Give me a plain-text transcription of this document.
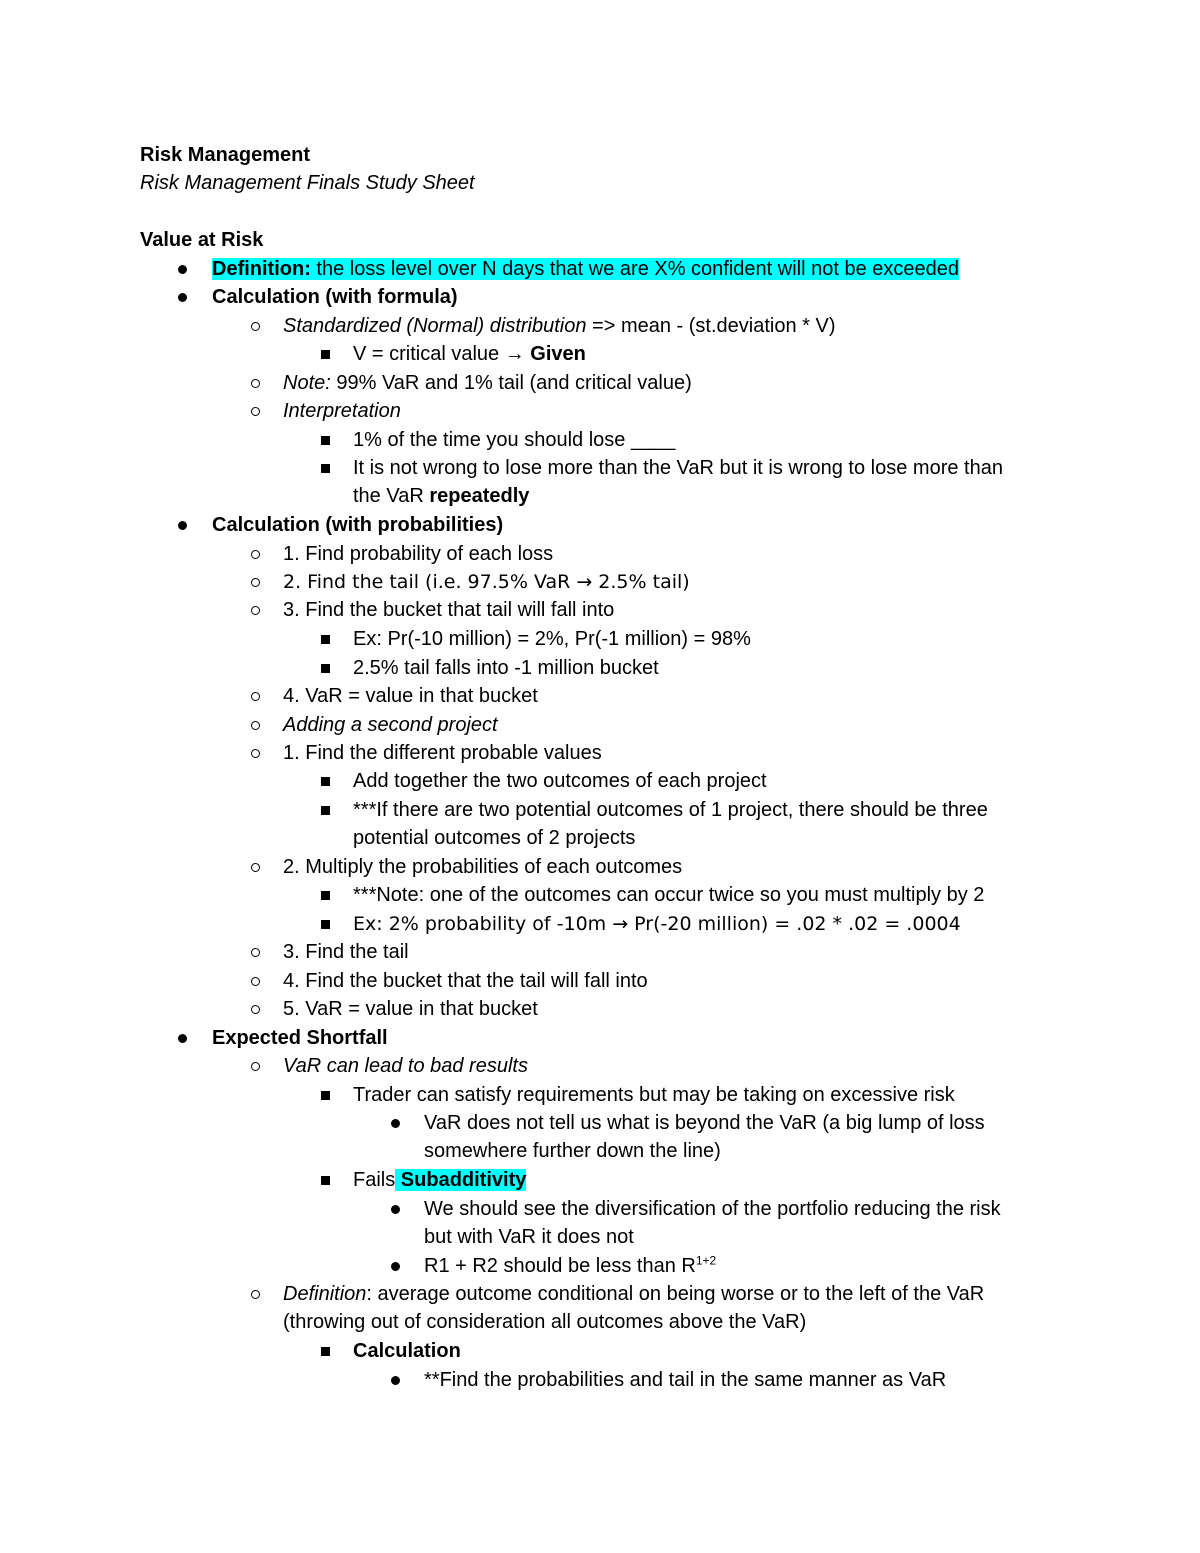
Risk Management
Risk Management Finals Study Sheet
Value at Risk
Definition: the loss level over N days that we are X% confident will not be exceeded
Calculation (with formula)
Standardized (Normal) distribution => mean - (st.deviation * V)
V = critical value → Given
Note: 99% VaR and 1% tail (and critical value)
Interpretation
1% of the time you should lose ____
It is not wrong to lose more than the VaR but it is wrong to lose more than
the VaR repeatedly
Calculation (with probabilities)
1. Find probability of each loss
2. Find the tail (i.e. 97.5% VaR → 2.5% tail)
3. Find the bucket that tail will fall into
Ex: Pr(-10 million) = 2%, Pr(-1 million) = 98%
2.5% tail falls into -1 million bucket
4. VaR = value in that bucket
Adding a second project
1. Find the different probable values
Add together the two outcomes of each project
***If there are two potential outcomes of 1 project, there should be three
potential outcomes of 2 projects
2. Multiply the probabilities of each outcomes
***Note: one of the outcomes can occur twice so you must multiply by 2
Ex: 2% probability of -10m → Pr(-20 million) = .02 * .02 = .0004
3. Find the tail
4. Find the bucket that the tail will fall into
5. VaR = value in that bucket
Expected Shortfall
VaR can lead to bad results
Trader can satisfy requirements but may be taking on excessive risk
VaR does not tell us what is beyond the VaR (a big lump of loss
somewhere further down the line)
Fails Subadditivity
We should see the diversification of the portfolio reducing the risk
but with VaR it does not
R1 + R2 should be less than $R^{1+2}$
Definition: average outcome conditional on being worse or to the left of the VaR
(throwing out of consideration all outcomes above the VaR)
Calculation
**Find the probabilities and tail in the same manner as VaR
